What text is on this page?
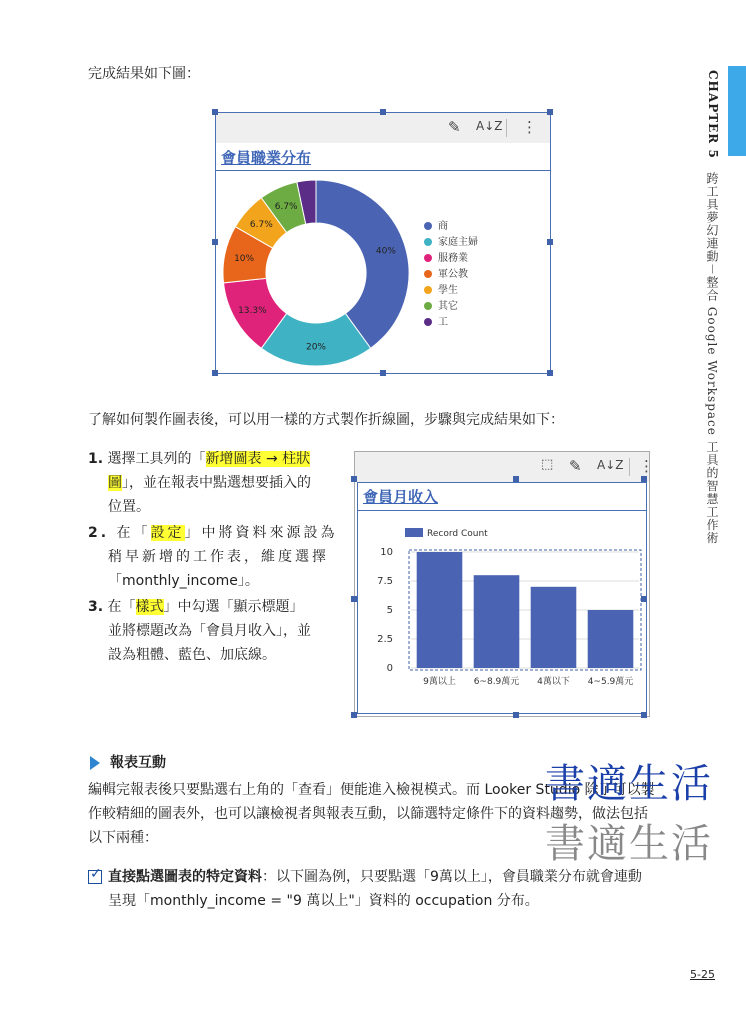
CHAPTER 5
跨工具夢幻連動－整合 Google Workspace 工具的智慧工作術
完成結果如下圖：
✎ A↓Z ⋮
會員職業分布
40%
20%
13.3%
10%
6.7%
6.7%
商
家庭主婦
服務業
軍公教
學生
其它
工
了解如何製作圖表後，可以用一樣的方式製作折線圖，步驟與完成結果如下：
1. 選擇工具列的「新增圖表 → 柱狀
圖」，並在報表中點選想要插入的
位置。
2. 在「設定」中將資料來源設為
稍早新增的工作表，維度選擇
「monthly_income」。
3. 在「樣式」中勾選「顯示標題」
並將標題改為「會員月收入」，並
設為粗體、藍色、加底線。
⬚ ✎ A↓Z ⋮
會員月收入
Record Count
0
2.5
5
7.5
10
9萬以上 6~8.9萬元 4萬以下 4~5.9萬元
報表互動
編輯完報表後只要點選右上角的「查看」便能進入檢視模式。而 Looker Studio 除了可以製
作較精細的圖表外，也可以讓檢視者與報表互動，以篩選特定條件下的資料趨勢，做法包括
以下兩種：
書適生活
書適生活
✓ 直接點選圖表的特定資料：以下圖為例，只要點選「9萬以上」，會員職業分布就會連動
呈現「monthly_income = "9 萬以上"」資料的 occupation 分布。
5-25
